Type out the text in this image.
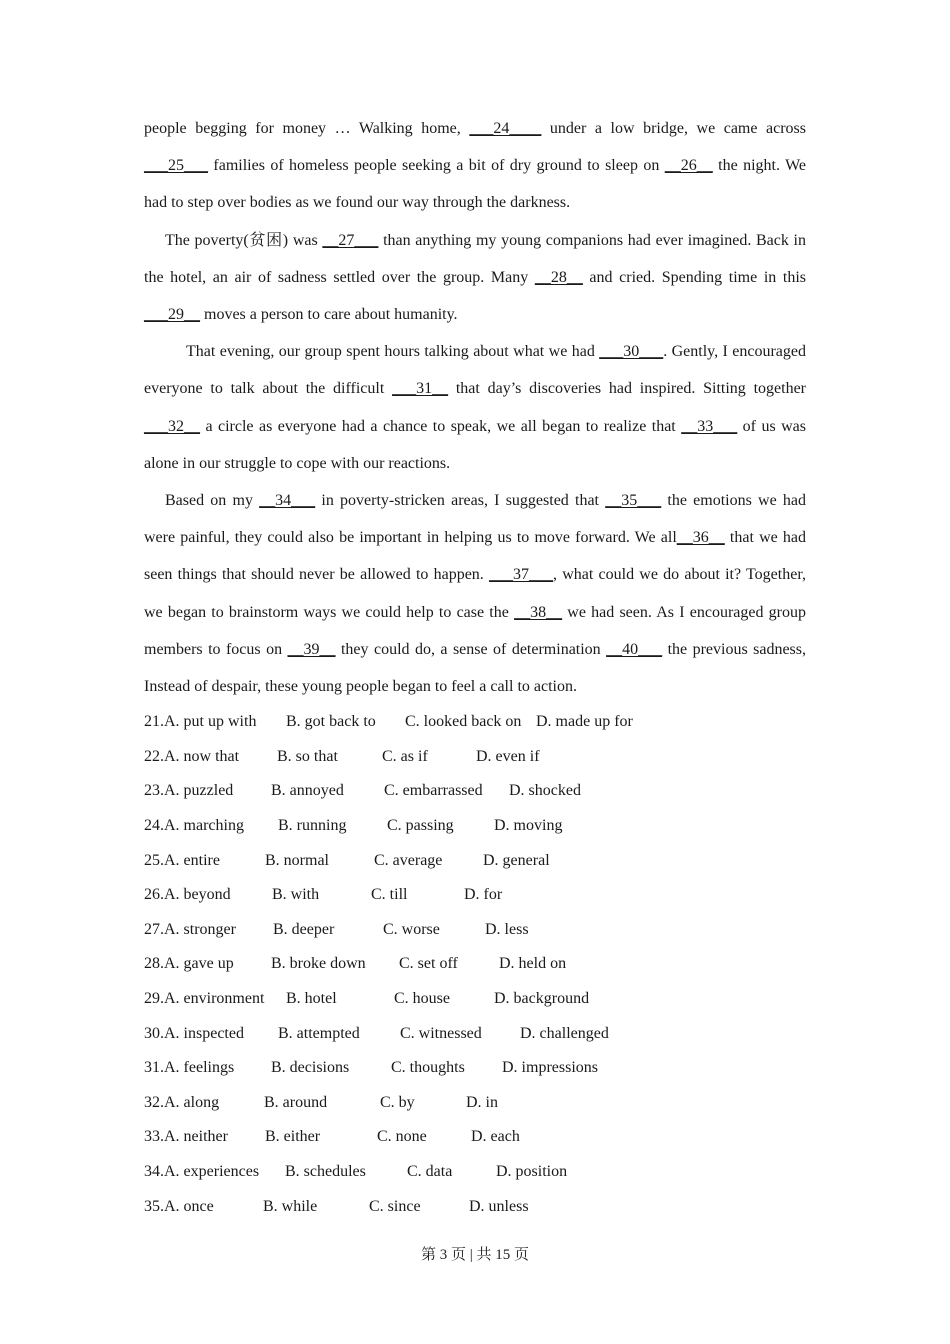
people begging for money … Walking home, ___24____ under a low bridge, we came across ___25___ families of homeless people seeking a bit of dry ground to sleep on __26__ the night. We had to step over bodies as we found our way through the darkness.

The poverty(贫困) was __27___ than anything my young companions had ever imagined. Back in the hotel, an air of sadness settled over the group. Many __28__ and cried. Spending time in this ___29__ moves a person to care about humanity.

That evening, our group spent hours talking about what we had ___30___. Gently, I encouraged everyone to talk about the difficult ___31__ that day’s discoveries had inspired. Sitting together ___32__ a circle as everyone had a chance to speak, we all began to realize that __33___ of us was alone in our struggle to cope with our reactions.

Based on my __34___ in poverty-stricken areas, I suggested that __35___ the emotions we had were painful, they could also be important in helping us to move forward. We all__36__ that we had seen things that should never be allowed to happen. ___37___, what could we do about it? Together, we began to brainstorm ways we could help to case the __38__ we had seen. As I encouraged group members to focus on __39__ they could do, a sense of determination __40___ the previous sadness, Instead of despair, these young people began to feel a call to action.

21.A. put up with B. got back to C. looked back on D. made up for
22.A. now that B. so that	C. as if	D. even if
23.A. puzzled B. annoyed	C. embarrassed D. shocked
24.A. marching B. running	C. passing	D. moving
25.A. entire	B. normal	C. average	D. general
26.A. beyond	B. with	C. till	D. for
27.A. stronger B. deeper	C. worse	D. less
28.A. gave up B. broke down C. set off	D. held on
29.A. environment B. hotel	C. house	D. background
30.A. inspected B. attempted	C. witnessed D. challenged
31.A. feelings B. decisions	C. thoughts D. impressions
32.A. along	B. around	C. by	D. in
33.A. neither B. either	C. none	D. each
34.A. experiences B. schedules	C. data	D. position
35.A. once	B. while	C. since	D. unless
第 3 页 | 共 15 页
